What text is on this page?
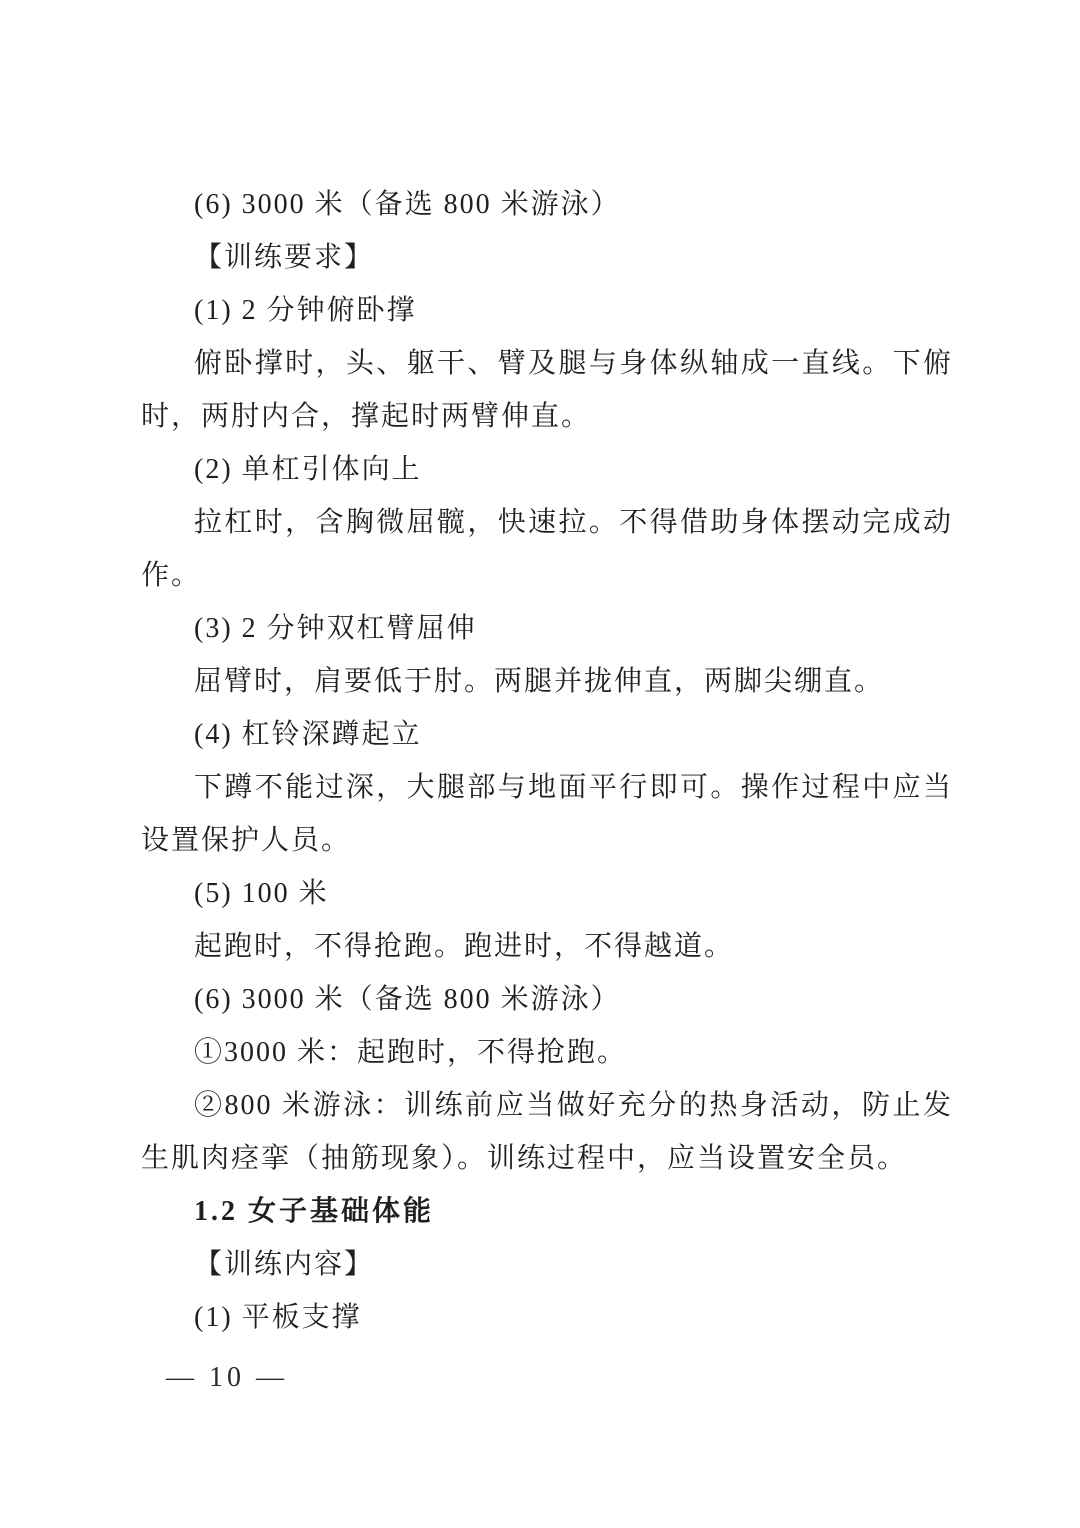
(6) 3000 米（备选 800 米游泳）

【训练要求】

(1) 2 分钟俯卧撑

俯卧撑时，头、躯干、臂及腿与身体纵轴成一直线。下俯时，两肘内合，撑起时两臂伸直。

(2) 单杠引体向上

拉杠时，含胸微屈髋，快速拉。不得借助身体摆动完成动作。

(3) 2 分钟双杠臂屈伸

屈臂时，肩要低于肘。两腿并拢伸直，两脚尖绷直。

(4) 杠铃深蹲起立

下蹲不能过深，大腿部与地面平行即可。操作过程中应当设置保护人员。

(5) 100 米

起跑时，不得抢跑。跑进时，不得越道。

(6) 3000 米（备选 800 米游泳）

①3000 米：起跑时，不得抢跑。

②800 米游泳：训练前应当做好充分的热身活动，防止发生肌肉痉挛（抽筋现象）。训练过程中，应当设置安全员。

1.2 女子基础体能

【训练内容】

(1) 平板支撑

— 10 —
